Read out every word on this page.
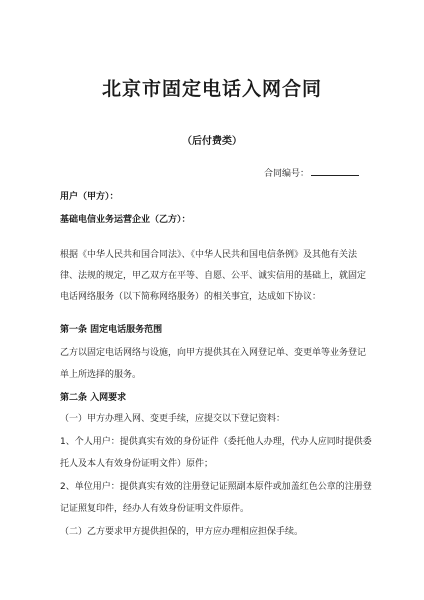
北京市固定电话入网合同
（后付费类）
合同编号：
用户（甲方）：
基础电信业务运营企业（乙方）：
根据《中华人民共和国合同法》、《中华人民共和国电信条例》及其他有关法
律、法规的规定，甲乙双方在平等、自愿、公平、诚实信用的基础上，就固定
电话网络服务（以下简称网络服务）的相关事宜，达成如下协议：
第一条 固定电话服务范围
乙方以固定电话网络与设施，向甲方提供其在入网登记单、变更单等业务登记
单上所选择的服务。
第二条 入网要求
（一）甲方办理入网、变更手续，应提交以下登记资料：
1、个人用户：提供真实有效的身份证件（委托他人办理，代办人应同时提供委
托人及本人有效身份证明文件）原件；
2、单位用户：提供真实有效的注册登记证照副本原件或加盖红色公章的注册登
记证照复印件，经办人有效身份证明文件原件。
（二）乙方要求甲方提供担保的，甲方应办理相应担保手续。
